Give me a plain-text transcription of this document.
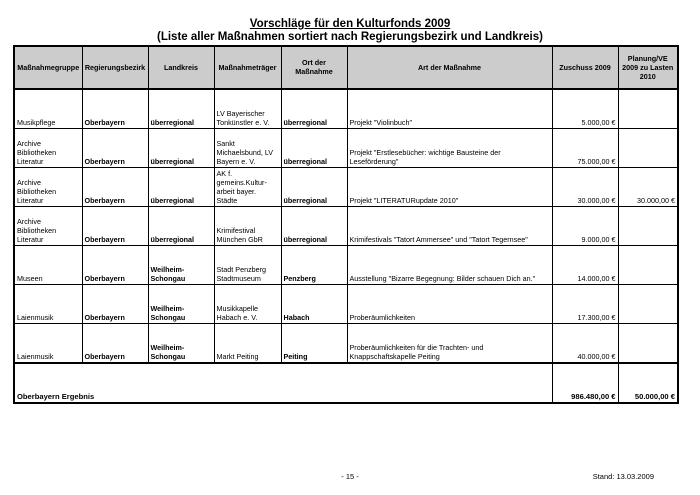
Vorschläge für den Kulturfonds 2009
(Liste aller Maßnahmen sortiert nach Regierungsbezirk und Landkreis)
Maßnahmegruppe	Regierungsbezirk	Landkreis	Maßnahmeträger	Ort der Maßnahme	Art der Maßnahme	Zuschuss 2009	Planung/VE 2009 zu Lasten 2010
Musikpflege	Oberbayern	überregional	LV Bayerischer Tonkünstler e. V.	überregional	Projekt "Violinbuch"	5.000,00 €	
Archive Bibliotheken Literatur	Oberbayern	überregional	Sankt Michaelsbund, LV Bayern e. V.	überregional	Projekt "Erstlesebücher: wichtige Bausteine der Leseförderung"	75.000,00 €	
Archive Bibliotheken Literatur	Oberbayern	überregional	AK f. gemeins.Kultur-arbeit bayer. Städte	überregional	Projekt "LITERATURupdate 2010"	30.000,00 €	30.000,00 €
Archive Bibliotheken Literatur	Oberbayern	überregional	Krimifestival München GbR	überregional	Krimifestivals "Tatort Ammersee" und "Tatort Tegernsee"	9.000,00 €	
Museen	Oberbayern	Weilheim-Schongau	Stadt Penzberg Stadtmuseum	Penzberg	Ausstellung "Bizarre Begegnung: Bilder schauen Dich an."	14.000,00 €	
Laienmusik	Oberbayern	Weilheim-Schongau	Musikkapelle Habach e. V.	Habach	Proberäumlichkeiten	17.300,00 €	
Laienmusik	Oberbayern	Weilheim-Schongau	Markt Peiting	Peiting	Proberäumlichkeiten für die Trachten- und Knappschaftskapelle Peiting	40.000,00 €	
Oberbayern Ergebnis						986.480,00 €	50.000,00 €
- 15 -	Stand: 13.03.2009
